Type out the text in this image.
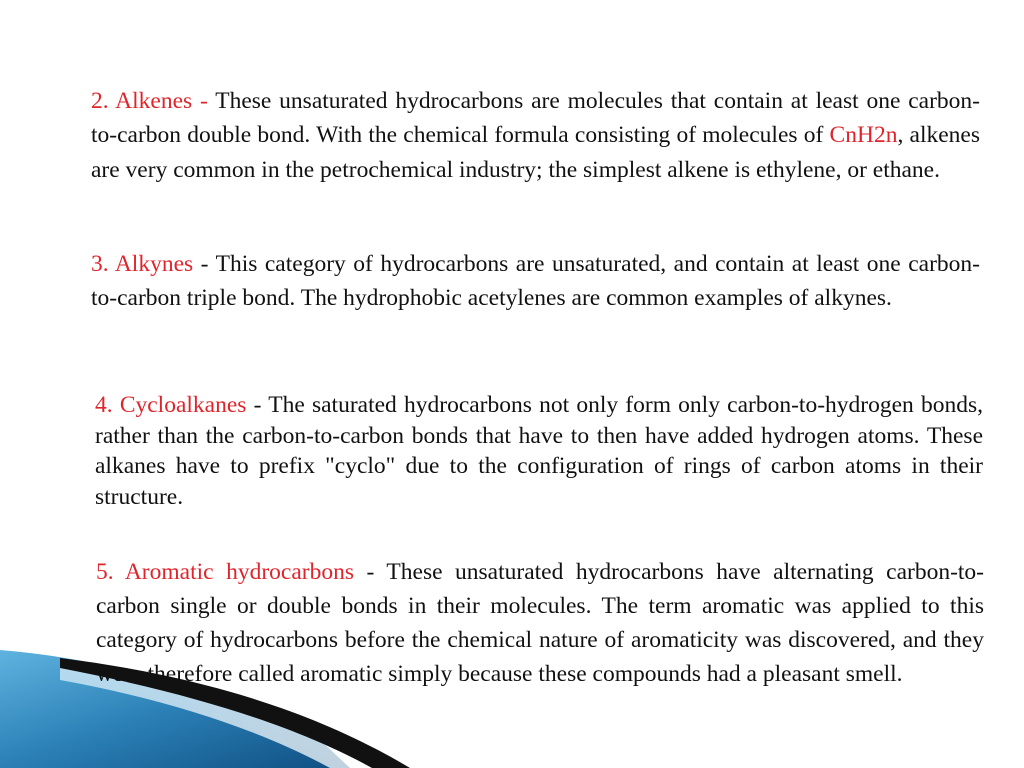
2. Alkenes - These unsaturated hydrocarbons are molecules that contain at least one carbon-to-carbon double bond. With the chemical formula consisting of molecules of CnH2n, alkenes are very common in the petrochemical industry; the simplest alkene is ethylene, or ethane.

3. Alkynes - This category of hydrocarbons are unsaturated, and contain at least one carbon-to-carbon triple bond. The hydrophobic acetylenes are common examples of alkynes.

4. Cycloalkanes - The saturated hydrocarbons not only form only carbon-to-hydrogen bonds, rather than the carbon-to-carbon bonds that have to then have added hydrogen atoms. These alkanes have to prefix "cyclo" due to the configuration of rings of carbon atoms in their structure.

5. Aromatic hydrocarbons - These unsaturated hydrocarbons have alternating carbon-to-carbon single or double bonds in their molecules. The term aromatic was applied to this category of hydrocarbons before the chemical nature of aromaticity was discovered, and they were therefore called aromatic simply because these compounds had a pleasant smell.
